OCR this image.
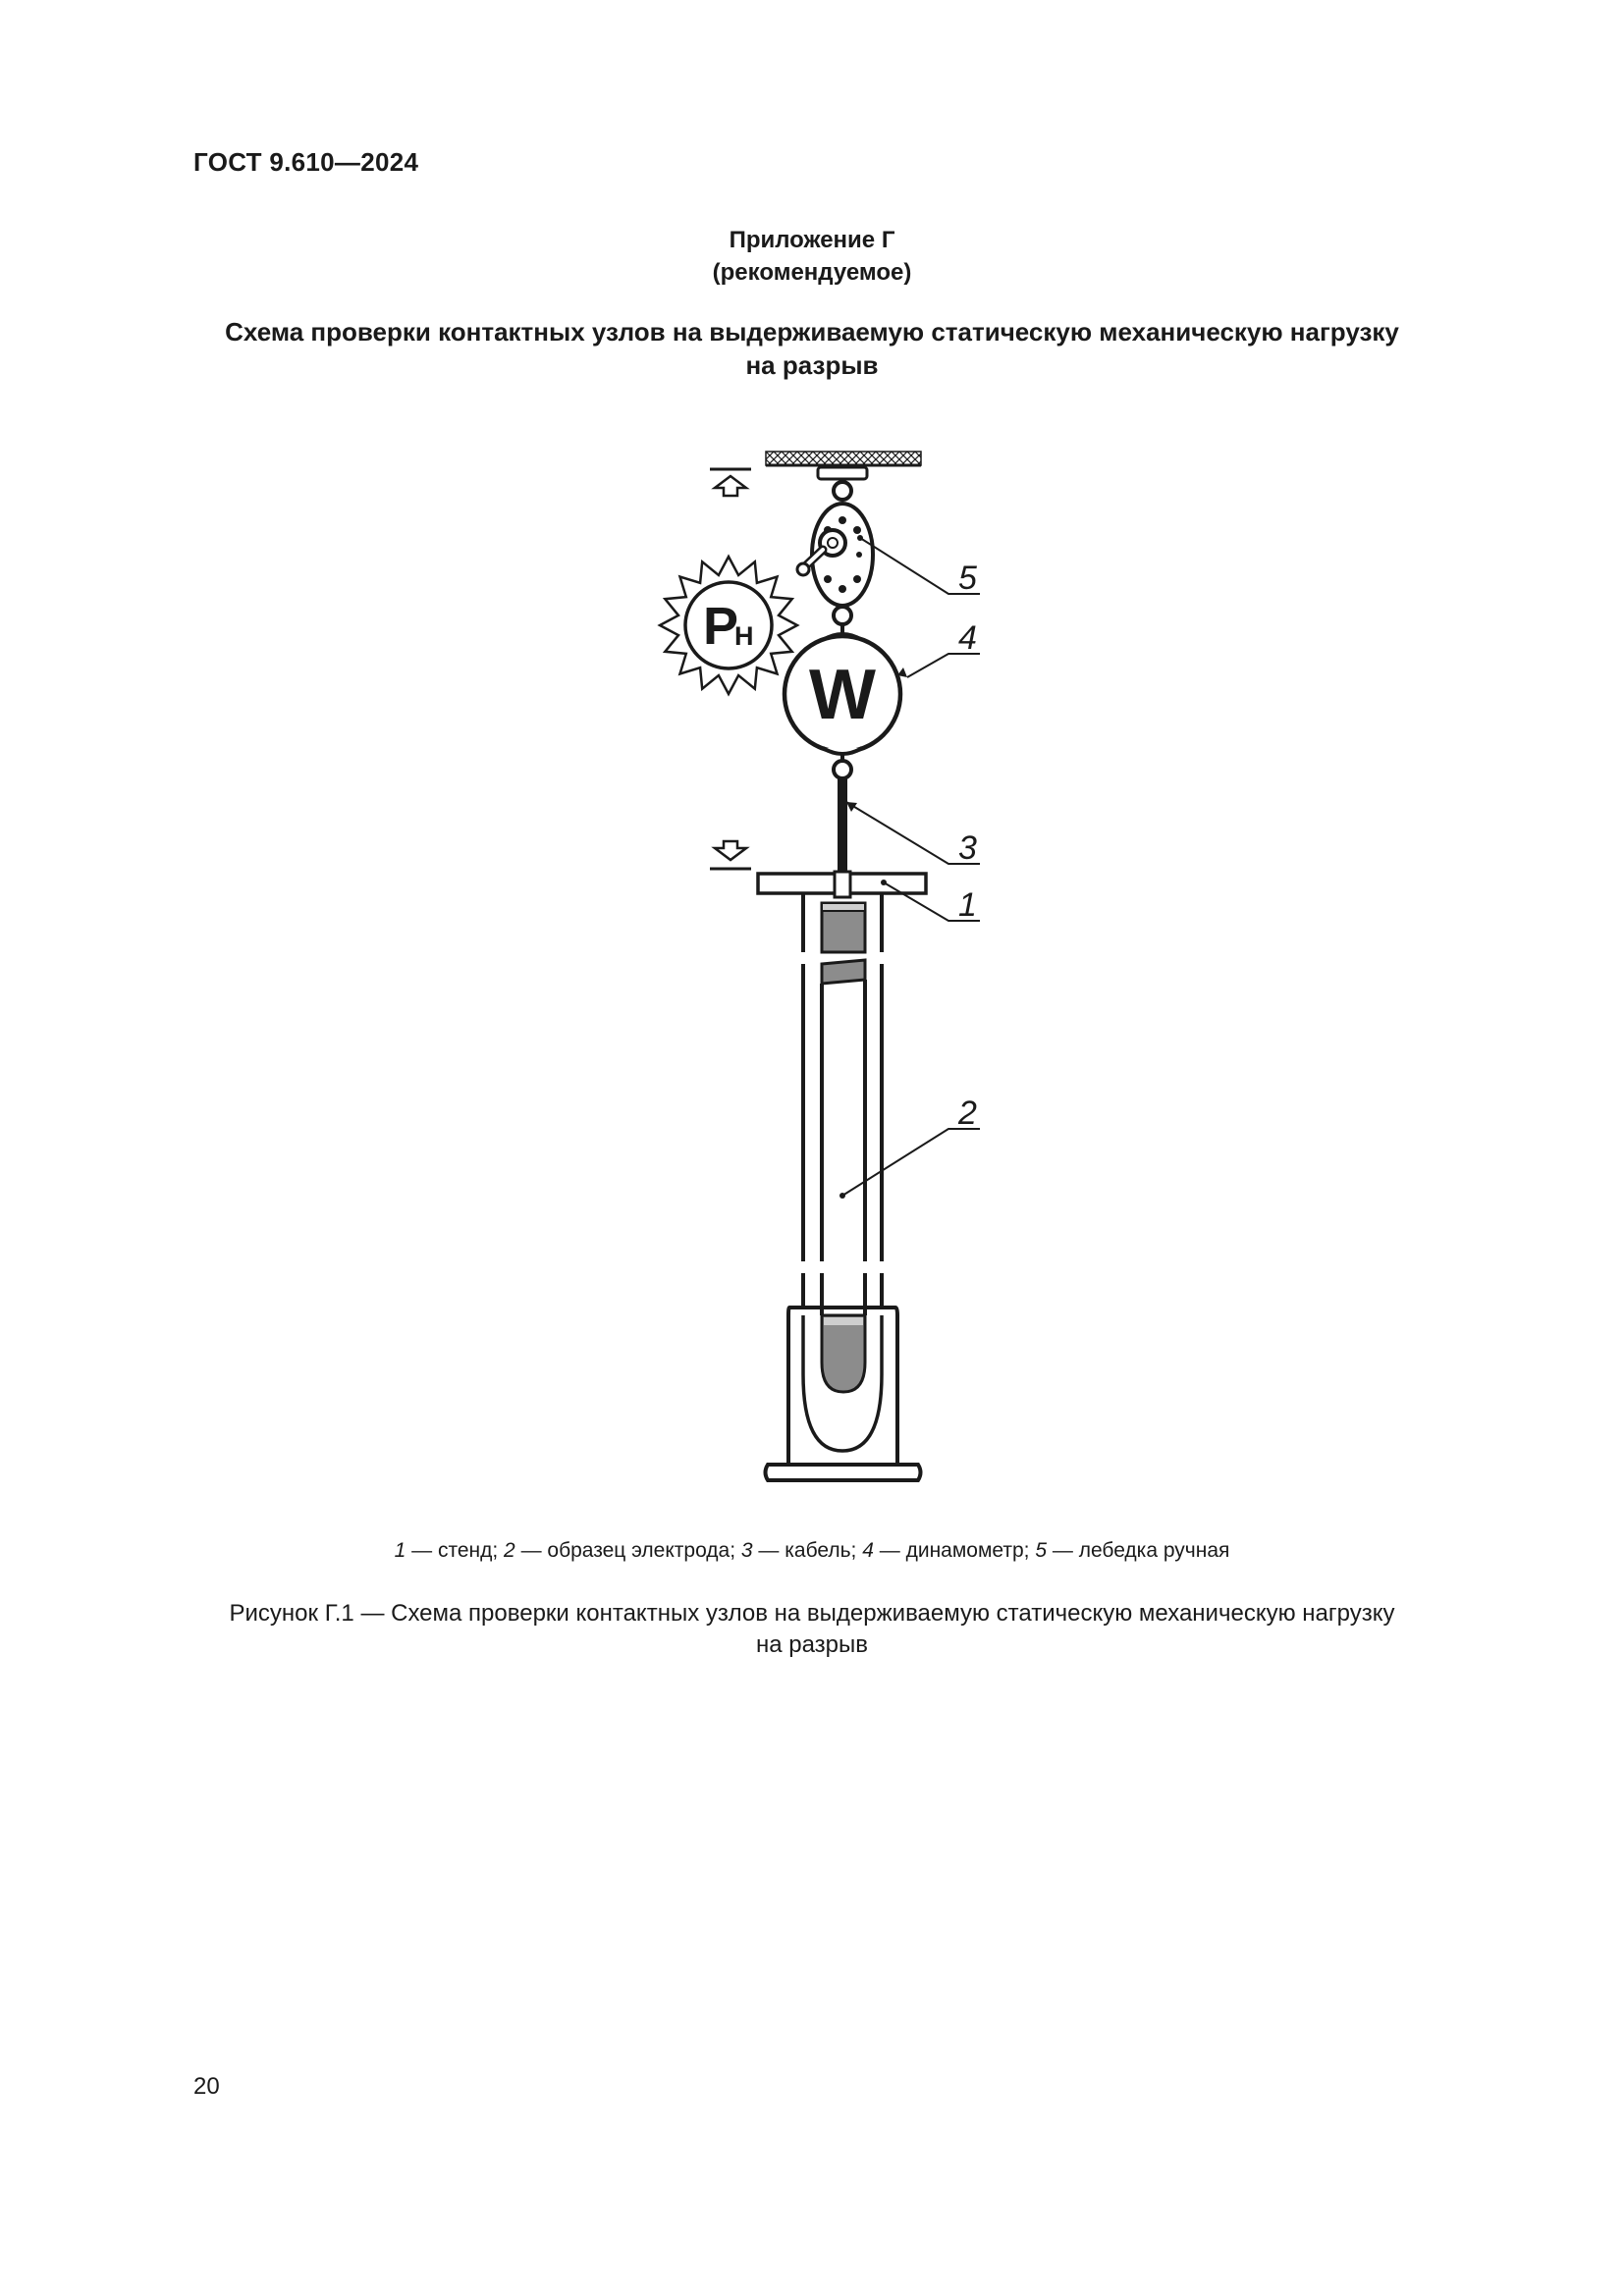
ГОСТ 9.610—2024
Приложение Г
(рекомендуемое)
Схема проверки контактных узлов на выдерживаемую статическую механическую нагрузку
на разрыв
P
H
W
5
4
3
1
2
1 — стенд; 2 — образец электрода; 3 — кабель; 4 — динамометр; 5 — лебедка ручная
Рисунок Г.1 — Схема проверки контактных узлов на выдерживаемую статическую механическую нагрузку
на разрыв
20
